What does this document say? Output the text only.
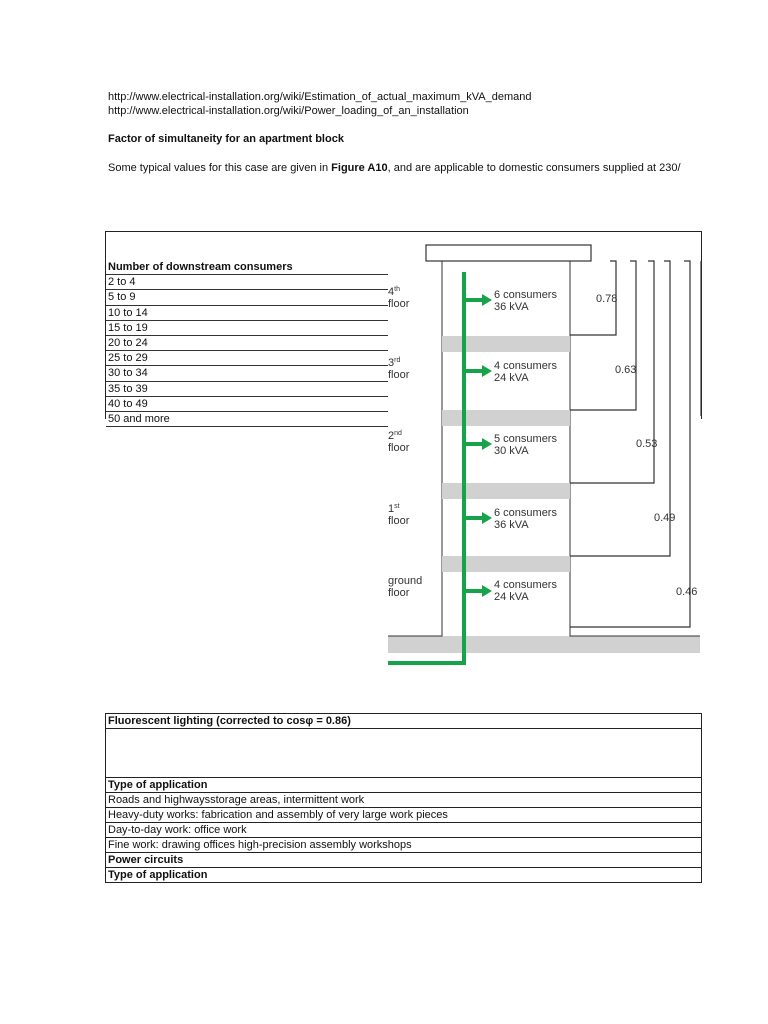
http://www.electrical-installation.org/wiki/Estimation_of_actual_maximum_kVA_demand
http://www.electrical-installation.org/wiki/Power_loading_of_an_installation
Factor of simultaneity for an apartment block
Some typical values for this case are given in Figure A10, and are applicable to domestic consumers supplied at 230/
Number of downstream consumers
2 to 4
5 to 9
10 to 14
15 to 19
20 to 24
25 to 29
30 to 34
35 to 39
40 to 49
50 and more
4th floor
3rd floor
2nd floor
1st floor
ground floor
6 consumers 36 kVA
4 consumers 24 kVA
5 consumers 30 kVA
6 consumers 36 kVA
4 consumers 24 kVA
0.78
0.63
0.53
0.49
0.46
Fluorescent lighting (corrected to cosφ = 0.86)
Type of application
Roads and highwaysstorage areas, intermittent work
Heavy-duty works: fabrication and assembly of very large work pieces
Day-to-day work: office work
Fine work: drawing offices high-precision assembly workshops
Power circuits
Type of application
